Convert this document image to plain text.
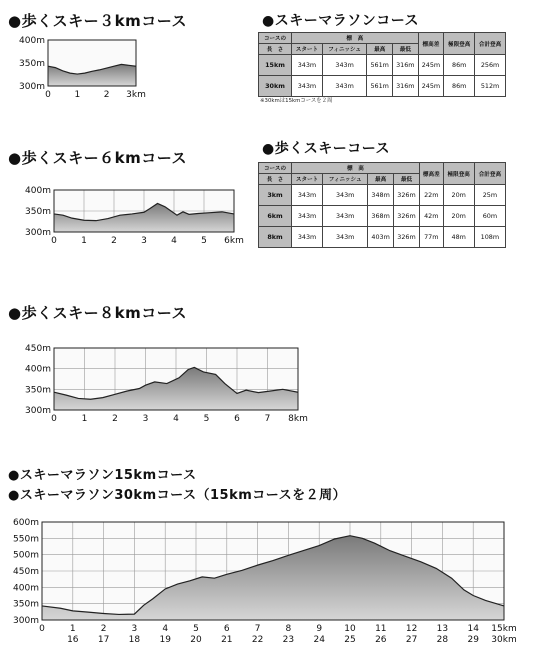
●歩くスキー３kmコース	●スキーマラソンコース
●歩くスキー６kmコース	●歩くスキーコース
●歩くスキー８kmコース
●スキーマラソン15kmコース
●スキーマラソン30kmコース（15kmコースを２周）
コースの	標　 高				標高差	極限登高	合計登高
長　さ	スタート	フィニッシュ	最高	最低			
15km	343m	343m	561m	316m	245m	86m	256m
30km	343m	343m	561m	316m	245m	86m	512m
※30kmは15kmコースを２周
コースの	標　 高				標高差	極限登高	合計登高
長　さ	スタート	フィニッシュ	最高	最低			
3km	343m	343m	348m	326m	22m	20m	25m
6km	343m	343m	368m	326m	42m	20m	60m
8km	343m	343m	403m	326m	77m	48m	108m
400m
350m
300m
0	1	2 3km
400m
350m
300m
0	1	2	3	4	5 6km
450m
400m
350m
300m
0	1	2	3	4	5	6	7 8km
600m
550m
500m
450m
400m
350m
300m
0	1	2	3	4	5	6	7	8	9 10 11 12 13 14 15km
16 17 18 19 20 21 22 23 24 25 26 27 28 29 30km
